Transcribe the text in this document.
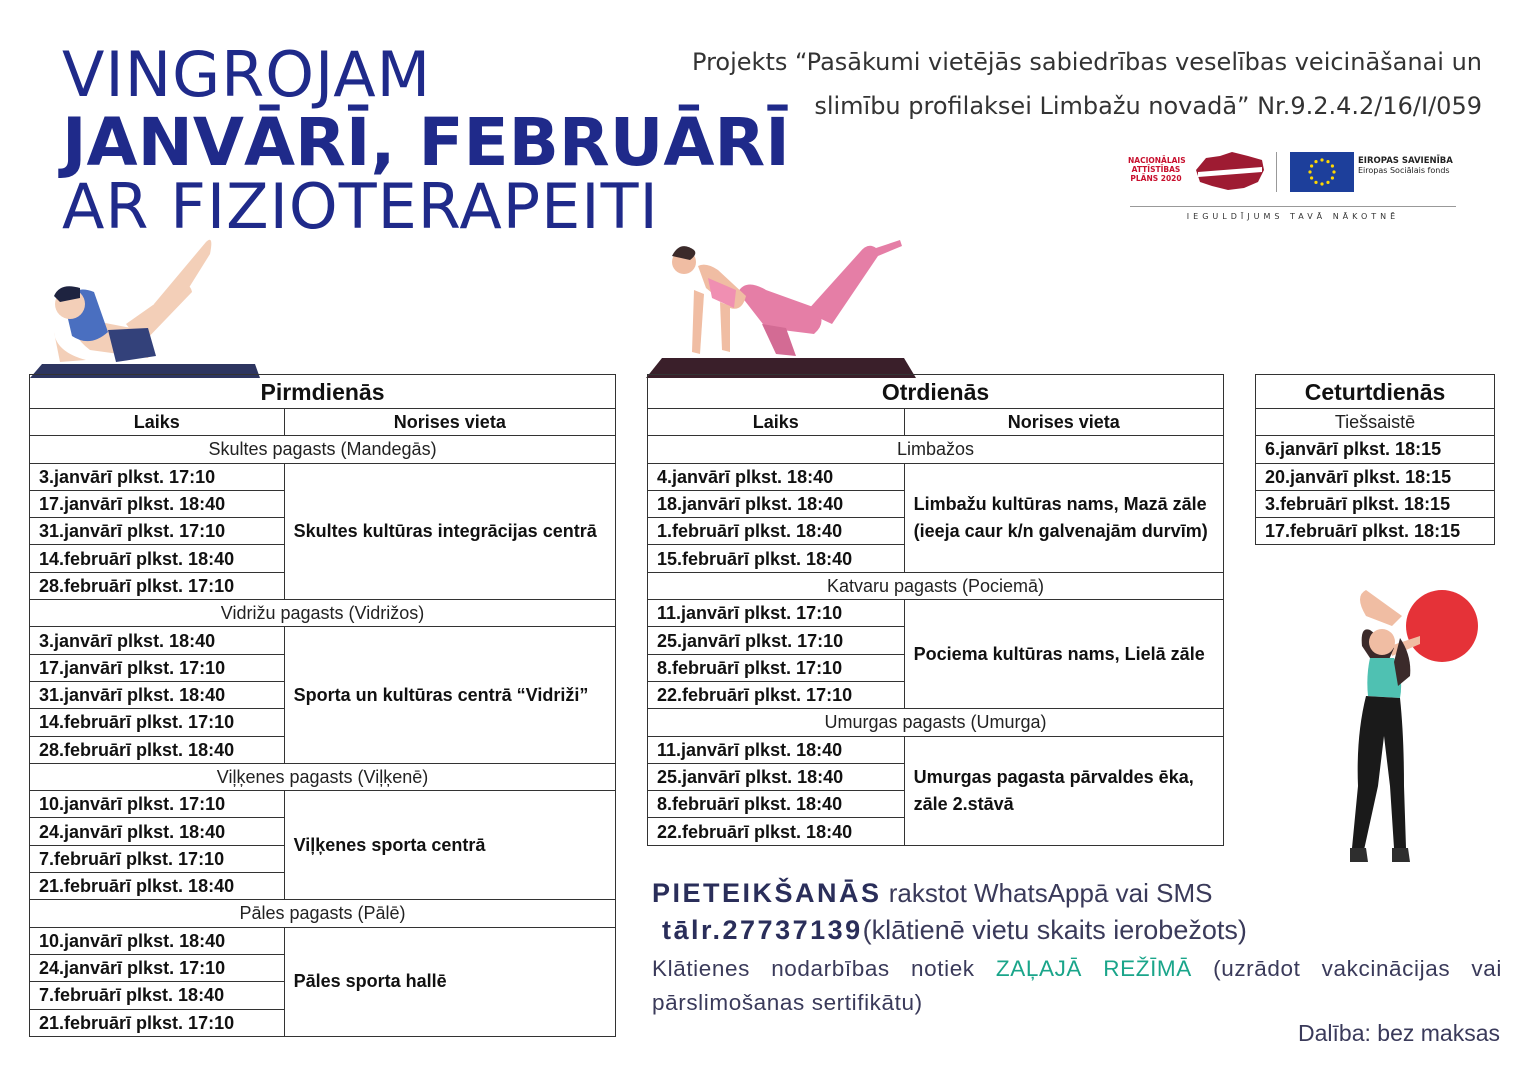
VINGROJAM
JANVĀRĪ, FEBRUĀRĪ
AR FIZIOTERAPEITI
Projekts “Pasākumi vietējās sabiedrības veselības veicināšanai un
slimību profilaksei Limbažu novadā” Nr.9.2.4.2/16/I/059
NACIONĀLAIS ATTĪSTĪBAS PLĀNS 2020
EIROPAS SAVIENĪBA
Eiropas Sociālais fonds
IEGULDĪJUMS TAVĀ NĀKOTNĒ
Pirmdienās	
Laiks	Norises vieta
Skultes pagasts (Mandegās)	
3.janvārī plkst. 17:10	Skultes kultūras integrācijas centrā
17.janvārī plkst. 18:40	
31.janvārī plkst. 17:10	
14.februārī plkst. 18:40	
28.februārī plkst. 17:10	
Vidrižu pagasts (Vidrižos)	
3.janvārī plkst. 18:40	Sporta un kultūras centrā “Vidriži”
17.janvārī plkst. 17:10	
31.janvārī plkst. 18:40	
14.februārī plkst. 17:10	
28.februārī plkst. 18:40	
Viļķenes pagasts (Viļķenē)	
10.janvārī plkst. 17:10	Viļķenes sporta centrā
24.janvārī plkst. 18:40	
7.februārī plkst. 17:10	
21.februārī plkst. 18:40	
Pāles pagasts (Pālē)	
10.janvārī plkst. 18:40	Pāles sporta hallē
24.janvārī plkst. 17:10	
7.februārī plkst. 18:40	
21.februārī plkst. 17:10	
Otrdienās	
Laiks	Norises vieta
Limbažos	
4.janvārī plkst. 18:40	Limbažu kultūras nams, Mazā zāle (ieeja caur k/n galvenajām durvīm)
18.janvārī plkst. 18:40	
1.februārī plkst. 18:40	
15.februārī plkst. 18:40	
Katvaru pagasts (Pociemā)	
11.janvārī plkst. 17:10	Pociema kultūras nams, Lielā zāle
25.janvārī plkst. 17:10	
8.februārī plkst. 17:10	
22.februārī plkst. 17:10	
Umurgas pagasts (Umurga)	
11.janvārī plkst. 18:40	Umurgas pagasta pārvaldes ēka, zāle 2.stāvā
25.janvārī plkst. 18:40	
8.februārī plkst. 18:40	
22.februārī plkst. 18:40	
Ceturtdienās
Tiešsaistē
6.janvārī plkst. 18:15
20.janvārī plkst. 18:15
3.februārī plkst. 18:15
17.februārī plkst. 18:15
PIETEIKŠANĀS rakstot WhatsAppā vai SMS
tālr.27737139(klātienē vietu skaits ierobežots)
Klātienes nodarbības notiek ZAĻAJĀ REŽĪMĀ (uzrādot vakcinācijas vai pārslimošanas sertifikātu)
Dalība: bez maksas
